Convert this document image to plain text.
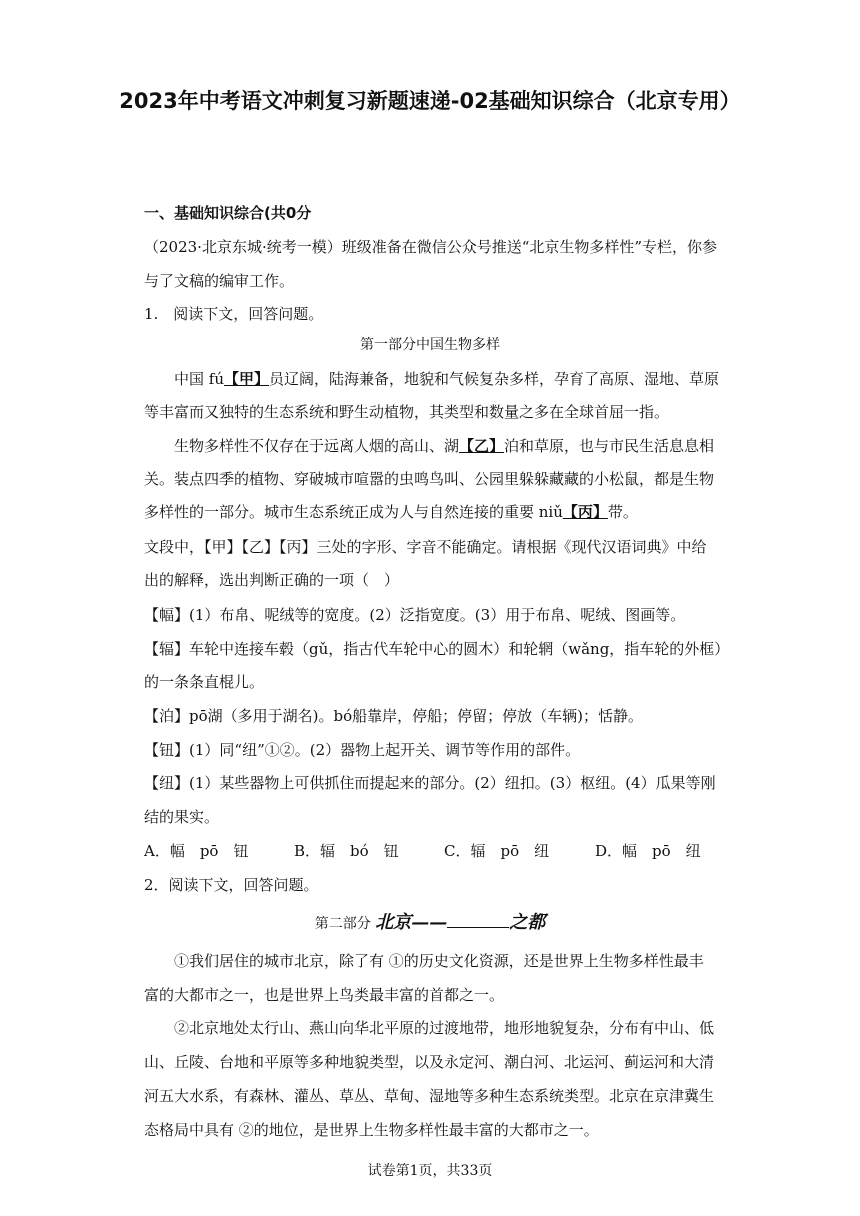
2023年中考语文冲刺复习新题速递-02基础知识综合（北京专用）
一、基础知识综合(共0分
（2023·北京东城·统考一模）班级准备在微信公众号推送“北京生物多样性”专栏，你参
与了文稿的编审工作。
1.　阅读下文，回答问题。
第一部分中国生物多样
中国 fú【甲】员辽阔，陆海兼备，地貌和气候复杂多样，孕育了高原、湿地、草原
等丰富而又独特的生态系统和野生动植物，其类型和数量之多在全球首屈一指。
生物多样性不仅存在于远离人烟的高山、湖【乙】泊和草原，也与市民生活息息相
关。装点四季的植物、穿破城市喧嚣的虫鸣鸟叫、公园里躲躲藏藏的小松鼠，都是生物
多样性的一部分。城市生态系统正成为人与自然连接的重要 niǔ【丙】带。
文段中，【甲】【乙】【丙】三处的字形、字音不能确定。请根据《现代汉语词典》中给
出的解释，选出判断正确的一项（　）
【幅】(1）布帛、呢绒等的宽度。(2）泛指宽度。(3）用于布帛、呢绒、图画等。
【辐】车轮中连接车毂（gǔ，指古代车轮中心的圆木）和轮辋（wǎng，指车轮的外框）
的一条条直棍儿。
【泊】pō湖（多用于湖名)。bó船靠岸，停船；停留；停放（车辆)；恬静。
【钮】(1）同“纽”①②。(2）器物上起开关、调节等作用的部件。
【纽】(1）某些器物上可供抓住而提起来的部分。(2）纽扣。(3）枢纽。(4）瓜果等刚
结的果实。
A．幅　pō　钮	B．辐　bó　钮	C．辐　pō　纽	D．幅　pō　纽
2．阅读下文，回答问题。
第二部分 北京——	之都
①我们居住的城市北京，除了有 ①的历史文化资源，还是世界上生物多样性最丰
富的大都市之一，也是世界上鸟类最丰富的首都之一。
②北京地处太行山、燕山向华北平原的过渡地带，地形地貌复杂，分布有中山、低
山、丘陵、台地和平原等多种地貌类型，以及永定河、潮白河、北运河、蓟运河和大清
河五大水系，有森林、灌丛、草丛、草甸、湿地等多种生态系统类型。北京在京津冀生
态格局中具有 ②的地位，是世界上生物多样性最丰富的大都市之一。
试卷第1页，共33页
